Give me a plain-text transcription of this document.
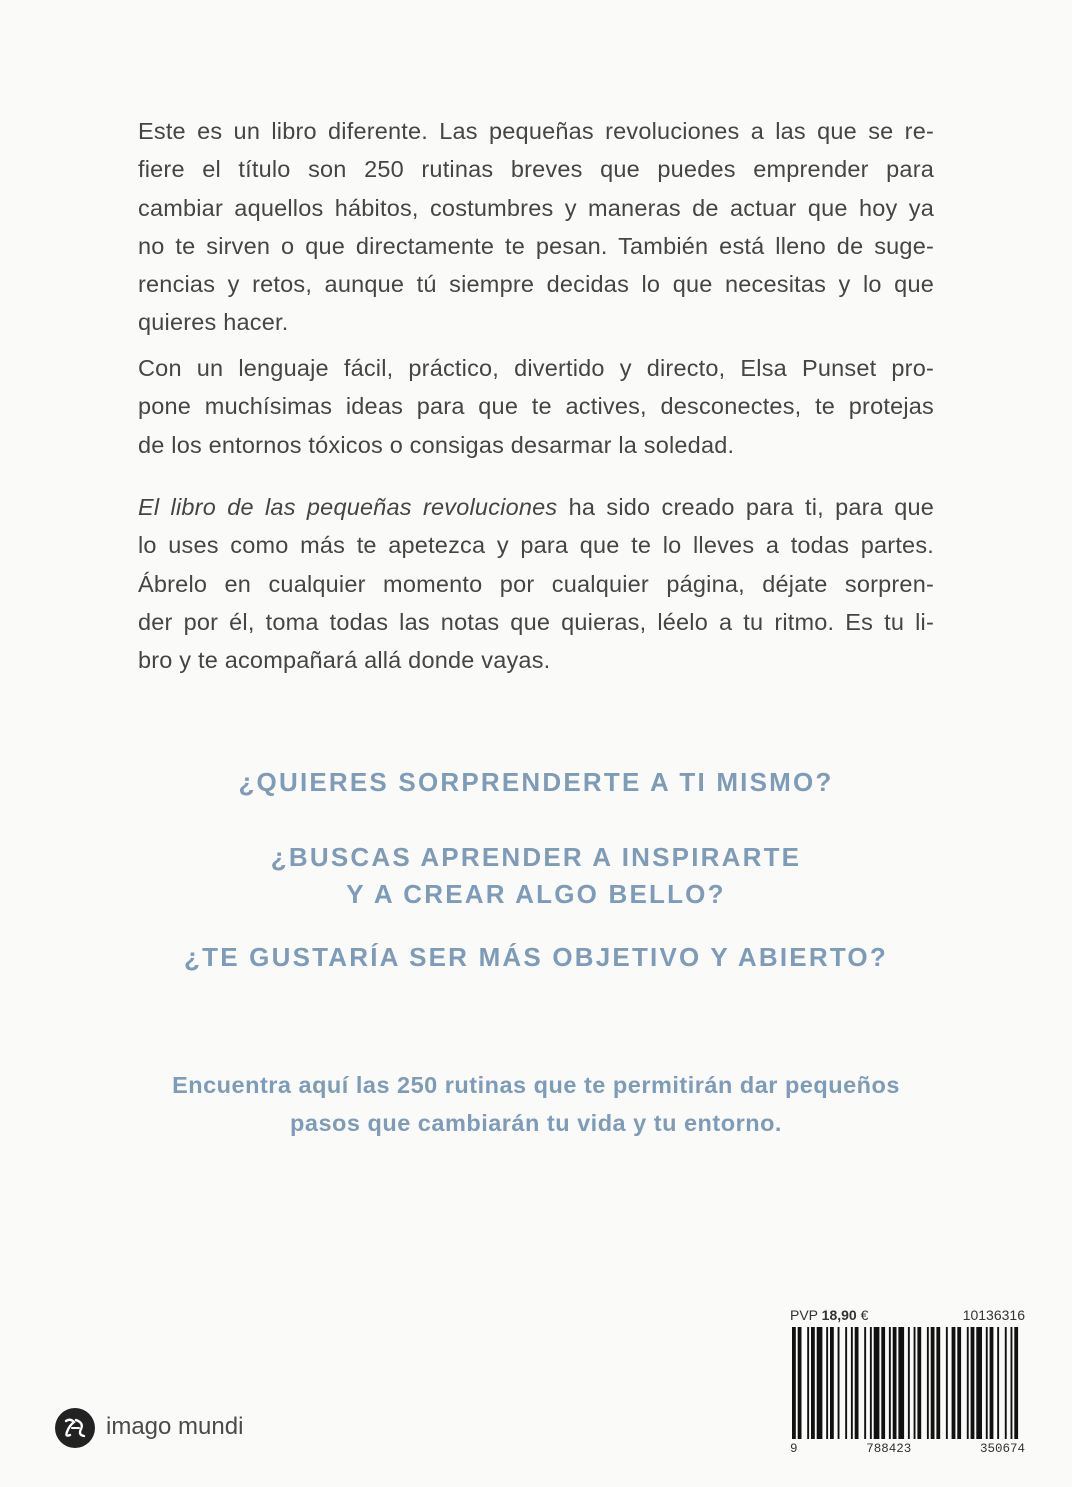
Este es un libro diferente. Las pequeñas revoluciones a las que se re-
fiere el título son 250 rutinas breves que puedes emprender para
cambiar aquellos hábitos, costumbres y maneras de actuar que hoy ya
no te sirven o que directamente te pesan. También está lleno de suge-
rencias y retos, aunque tú siempre decidas lo que necesitas y lo que
quieres hacer.
Con un lenguaje fácil, práctico, divertido y directo, Elsa Punset pro-
pone muchísimas ideas para que te actives, desconectes, te protejas
de los entornos tóxicos o consigas desarmar la soledad.
El libro de las pequeñas revoluciones ha sido creado para ti, para que
lo uses como más te apetezca y para que te lo lleves a todas partes.
Ábrelo en cualquier momento por cualquier página, déjate sorpren-
der por él, toma todas las notas que quieras, léelo a tu ritmo. Es tu li-
bro y te acompañará allá donde vayas.
¿QUIERES SORPRENDERTE A TI MISMO?
¿BUSCAS APRENDER A INSPIRARTE
Y A CREAR ALGO BELLO?
¿TE GUSTARÍA SER MÁS OBJETIVO Y ABIERTO?
Encuentra aquí las 250 rutinas que te permitirán dar pequeños
pasos que cambiarán tu vida y tu entorno.
imago mundi
PVP 18,90 €	10136316
9	788423	350674
